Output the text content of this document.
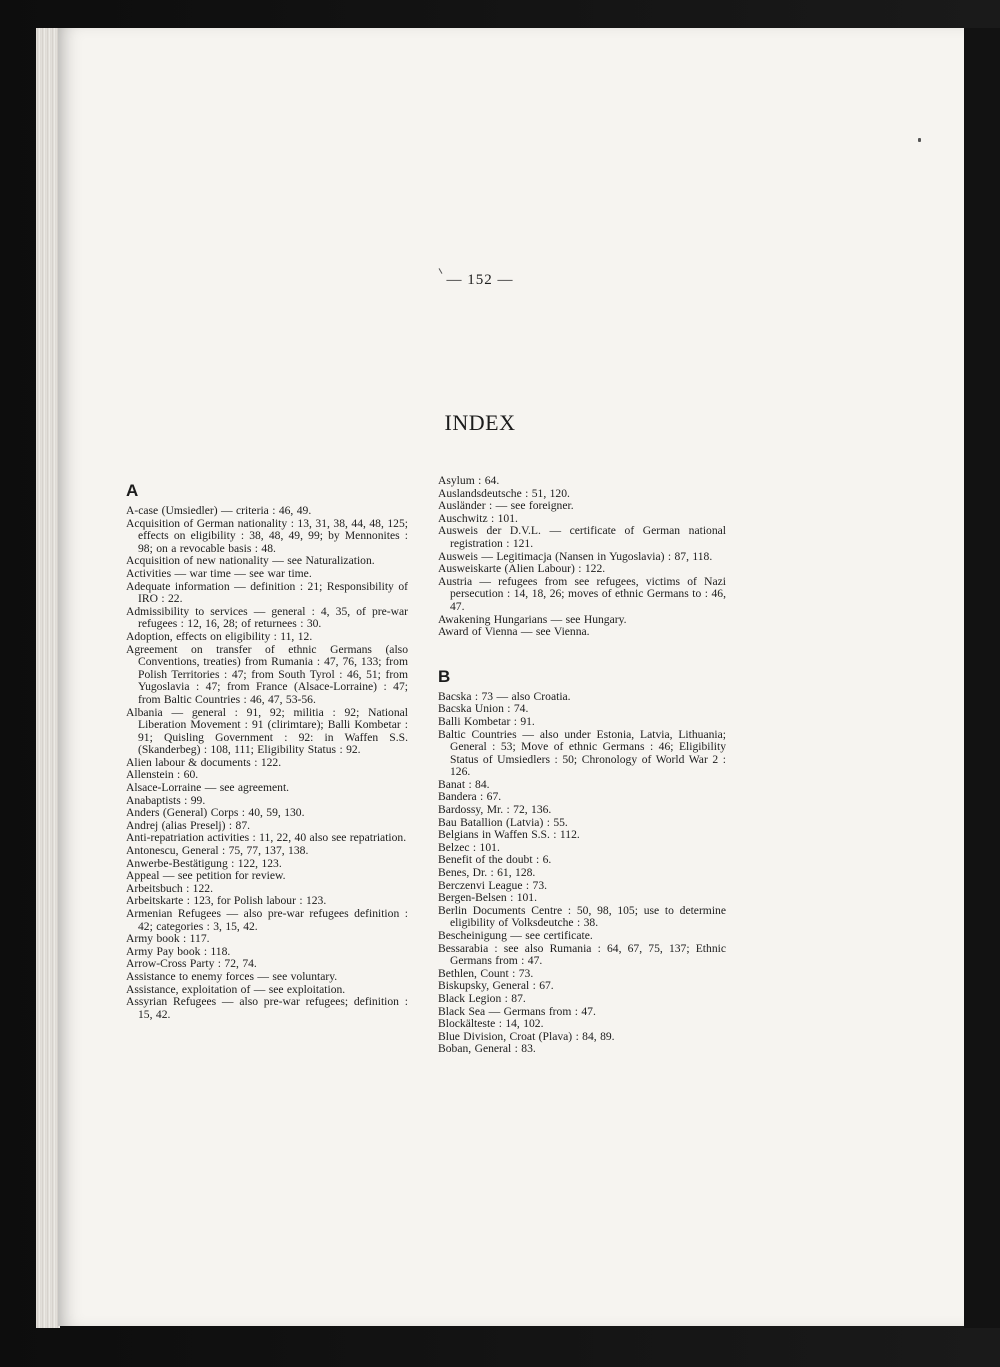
— 152 —
INDEX
A

A-case (Umsiedler) — criteria : 46, 49.

Acquisition of German nationality : 13, 31, 38, 44, 48, 125; effects on eligibility : 38, 48, 49, 99; by Mennonites : 98; on a revocable basis : 48.

Acquisition of new nationality — see Naturalization.

Activities — war time — see war time.

Adequate information — definition : 21; Responsibility of IRO : 22.

Admissibility to services — general : 4, 35, of pre-war refugees : 12, 16, 28; of returnees : 30.

Adoption, effects on eligibility : 11, 12.

Agreement on transfer of ethnic Germans (also Conventions, treaties) from Rumania : 47, 76, 133; from Polish Territories : 47; from South Tyrol : 46, 51; from Yugoslavia : 47; from France (Alsace-Lorraine) : 47; from Baltic Countries : 46, 47, 53-56.

Albania — general : 91, 92; militia : 92; National Liberation Movement : 91 (clirimtare); Balli Kombetar : 91; Quisling Government : 92: in Waffen S.S. (Skanderbeg) : 108, 111; Eligibility Status : 92.

Alien labour & documents : 122.

Allenstein : 60.

Alsace-Lorraine — see agreement.

Anabaptists : 99.

Anders (General) Corps : 40, 59, 130.

Andrej (alias Preselj) : 87.

Anti-repatriation activities : 11, 22, 40 also see repatriation.

Antonescu, General : 75, 77, 137, 138.

Anwerbe-Bestätigung : 122, 123.

Appeal — see petition for review.

Arbeitsbuch : 122.

Arbeitskarte : 123, for Polish labour : 123.

Armenian Refugees — also pre-war refugees definition : 42; categories : 3, 15, 42.

Army book : 117.

Army Pay book : 118.

Arrow-Cross Party : 72, 74.

Assistance to enemy forces — see voluntary.

Assistance, exploitation of — see exploitation.

Assyrian Refugees — also pre-war refugees; definition : 15, 42.

Asylum : 64.

Auslandsdeutsche : 51, 120.

Ausländer : — see foreigner.

Auschwitz : 101.

Ausweis der D.V.L. — certificate of German national registration : 121.

Ausweis — Legitimacja (Nansen in Yugoslavia) : 87, 118.

Ausweiskarte (Alien Labour) : 122.

Austria — refugees from see refugees, victims of Nazi persecution : 14, 18, 26; moves of ethnic Germans to : 46, 47.

Awakening Hungarians — see Hungary.

Award of Vienna — see Vienna.

B

Bacska : 73 — also Croatia.

Bacska Union : 74.

Balli Kombetar : 91.

Baltic Countries — also under Estonia, Latvia, Lithuania; General : 53; Move of ethnic Germans : 46; Eligibility Status of Umsiedlers : 50; Chronology of World War 2 : 126.

Banat : 84.

Bandera : 67.

Bardossy, Mr. : 72, 136.

Bau Batallion (Latvia) : 55.

Belgians in Waffen S.S. : 112.

Belzec : 101.

Benefit of the doubt : 6.

Benes, Dr. : 61, 128.

Berczenvi League : 73.

Bergen-Belsen : 101.

Berlin Documents Centre : 50, 98, 105; use to determine eligibility of Volksdeutche : 38.

Bescheinigung — see certificate.

Bessarabia : see also Rumania : 64, 67, 75, 137; Ethnic Germans from : 47.

Bethlen, Count : 73.

Biskupsky, General : 67.

Black Legion : 87.

Black Sea — Germans from : 47.

Blockälteste : 14, 102.

Blue Division, Croat (Plava) : 84, 89.

Boban, General : 83.
